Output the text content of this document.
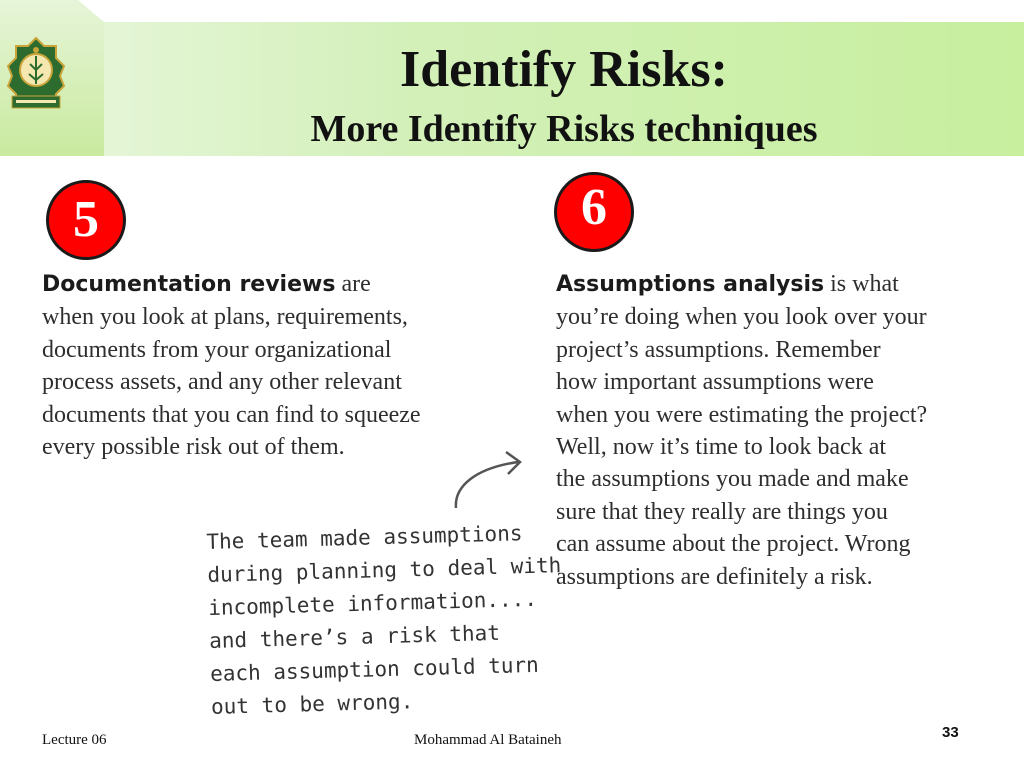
Identify Risks:
More Identify Risks techniques
5	6
Documentation reviews are
when you look at plans, requirements,
documents from your organizational
process assets, and any other relevant
documents that you can find to squeeze
every possible risk out of them.
Assumptions analysis is what
you’re doing when you look over your
project’s assumptions. Remember
how important assumptions were
when you were estimating the project?
Well, now it’s time to look back at
the assumptions you made and make
sure that they really are things you
can assume about the project. Wrong
assumptions are definitely a risk.
The team made assumptions
during planning to deal with
incomplete information....
and there’s a risk that
each assumption could turn
out to be wrong.
Lecture 06	Mohammad Al Bataineh	33
